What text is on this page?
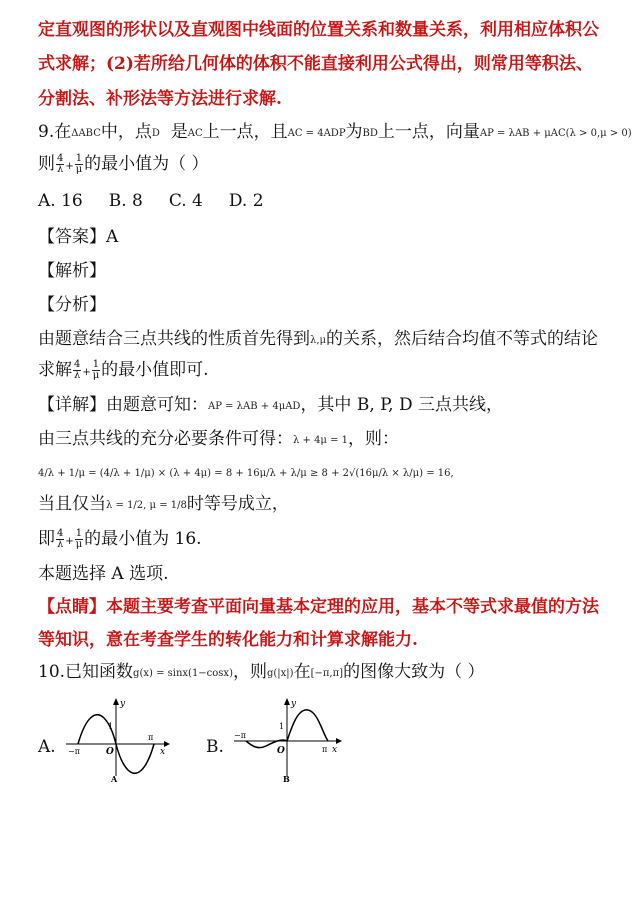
定直观图的形状以及直观图中线面的位置关系和数量关系，利用相应体积公
式求解；(2)若所给几何体的体积不能直接利用公式得出，则常用等积法、
分割法、补形法等方法进行求解.
9.在ΔABC中，点D 是AC上一点，且AC = 4ADP为BD上一点，向量AP = λAB + μAC(λ > 0,μ > 0)
则 $\frac{4}{\lambda} + \frac{1}{\mu}$ 的最小值为（ ）
A. 16 B. 8 C. 4 D. 2
【答案】A
【解析】
【分析】
由题意结合三点共线的性质首先得到λ,μ的关系，然后结合均值不等式的结论
求解 $\frac{4}{\lambda} + \frac{1}{\mu}$ 的最小值即可.
【详解】由题意可知：AP = λAB + 4μAD，其中 B, P, D 三点共线，
由三点共线的充分必要条件可得：λ + 4μ = 1，则：
4/λ + 1/μ = (4/λ + 1/μ) × (λ + 4μ) = 8 + 16μ/λ + λ/μ ≥ 8 + 2√(16μ/λ × λ/μ) = 16,
当且仅当λ = 1/2, μ = 1/8时等号成立，
即 $\frac{4}{\lambda} + \frac{1}{\mu}$ 的最小值为 16.
本题选择 A 选项.
【点睛】本题主要考查平面向量基本定理的应用，基本不等式求最值的方法
等知识，意在考查学生的转化能力和计算求解能力.
10.已知函数g(x) = sinx(1−cosx)，则g(|x|)在[−π,π]的图像大致为（ ）
A.	B.
y
1
O
−π
π
x
A
y
1
O
−π
π x
B
